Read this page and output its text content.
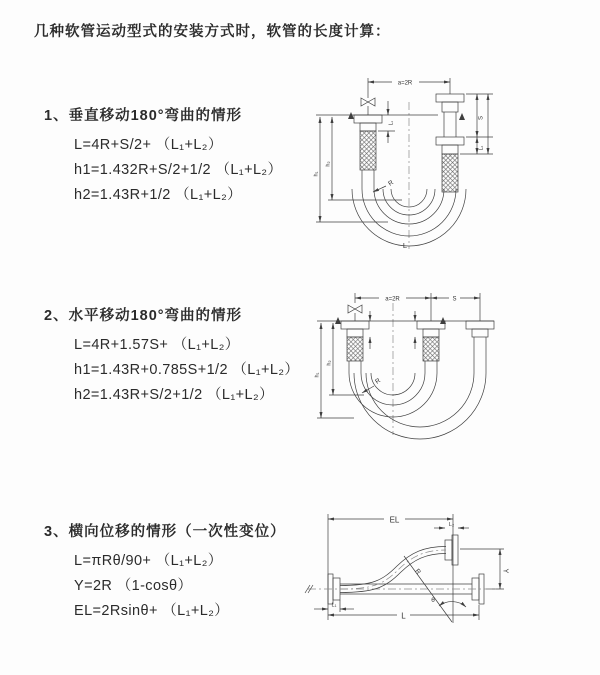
几种软管运动型式的安装方式时，软管的长度计算：

1、垂直移动180°弯曲的情形

L=4R+S/2+ （L₁+L₂）

h1=1.432R+S/2+1/2 （L₁+L₂）

h2=1.43R+1/2 （L₁+L₂）

2、水平移动180°弯曲的情形

L=4R+1.57S+ （L₁+L₂）

h1=1.43R+0.785S+1/2 （L₁+L₂）

h2=1.43R+S/2+1/2 （L₁+L₂）

3、横向位移的情形（一次性变位）

L=πRθ/90+ （L₁+L₂）

Y=2R （1-cosθ）

EL=2Rsinθ+ （L₁+L₂）

a=2R
h₁
h₂
L₁
S
L₂
R
L
a=2R	S
h₁
h₂
R
EL
L₂
Y
R
θ
L
L₁
